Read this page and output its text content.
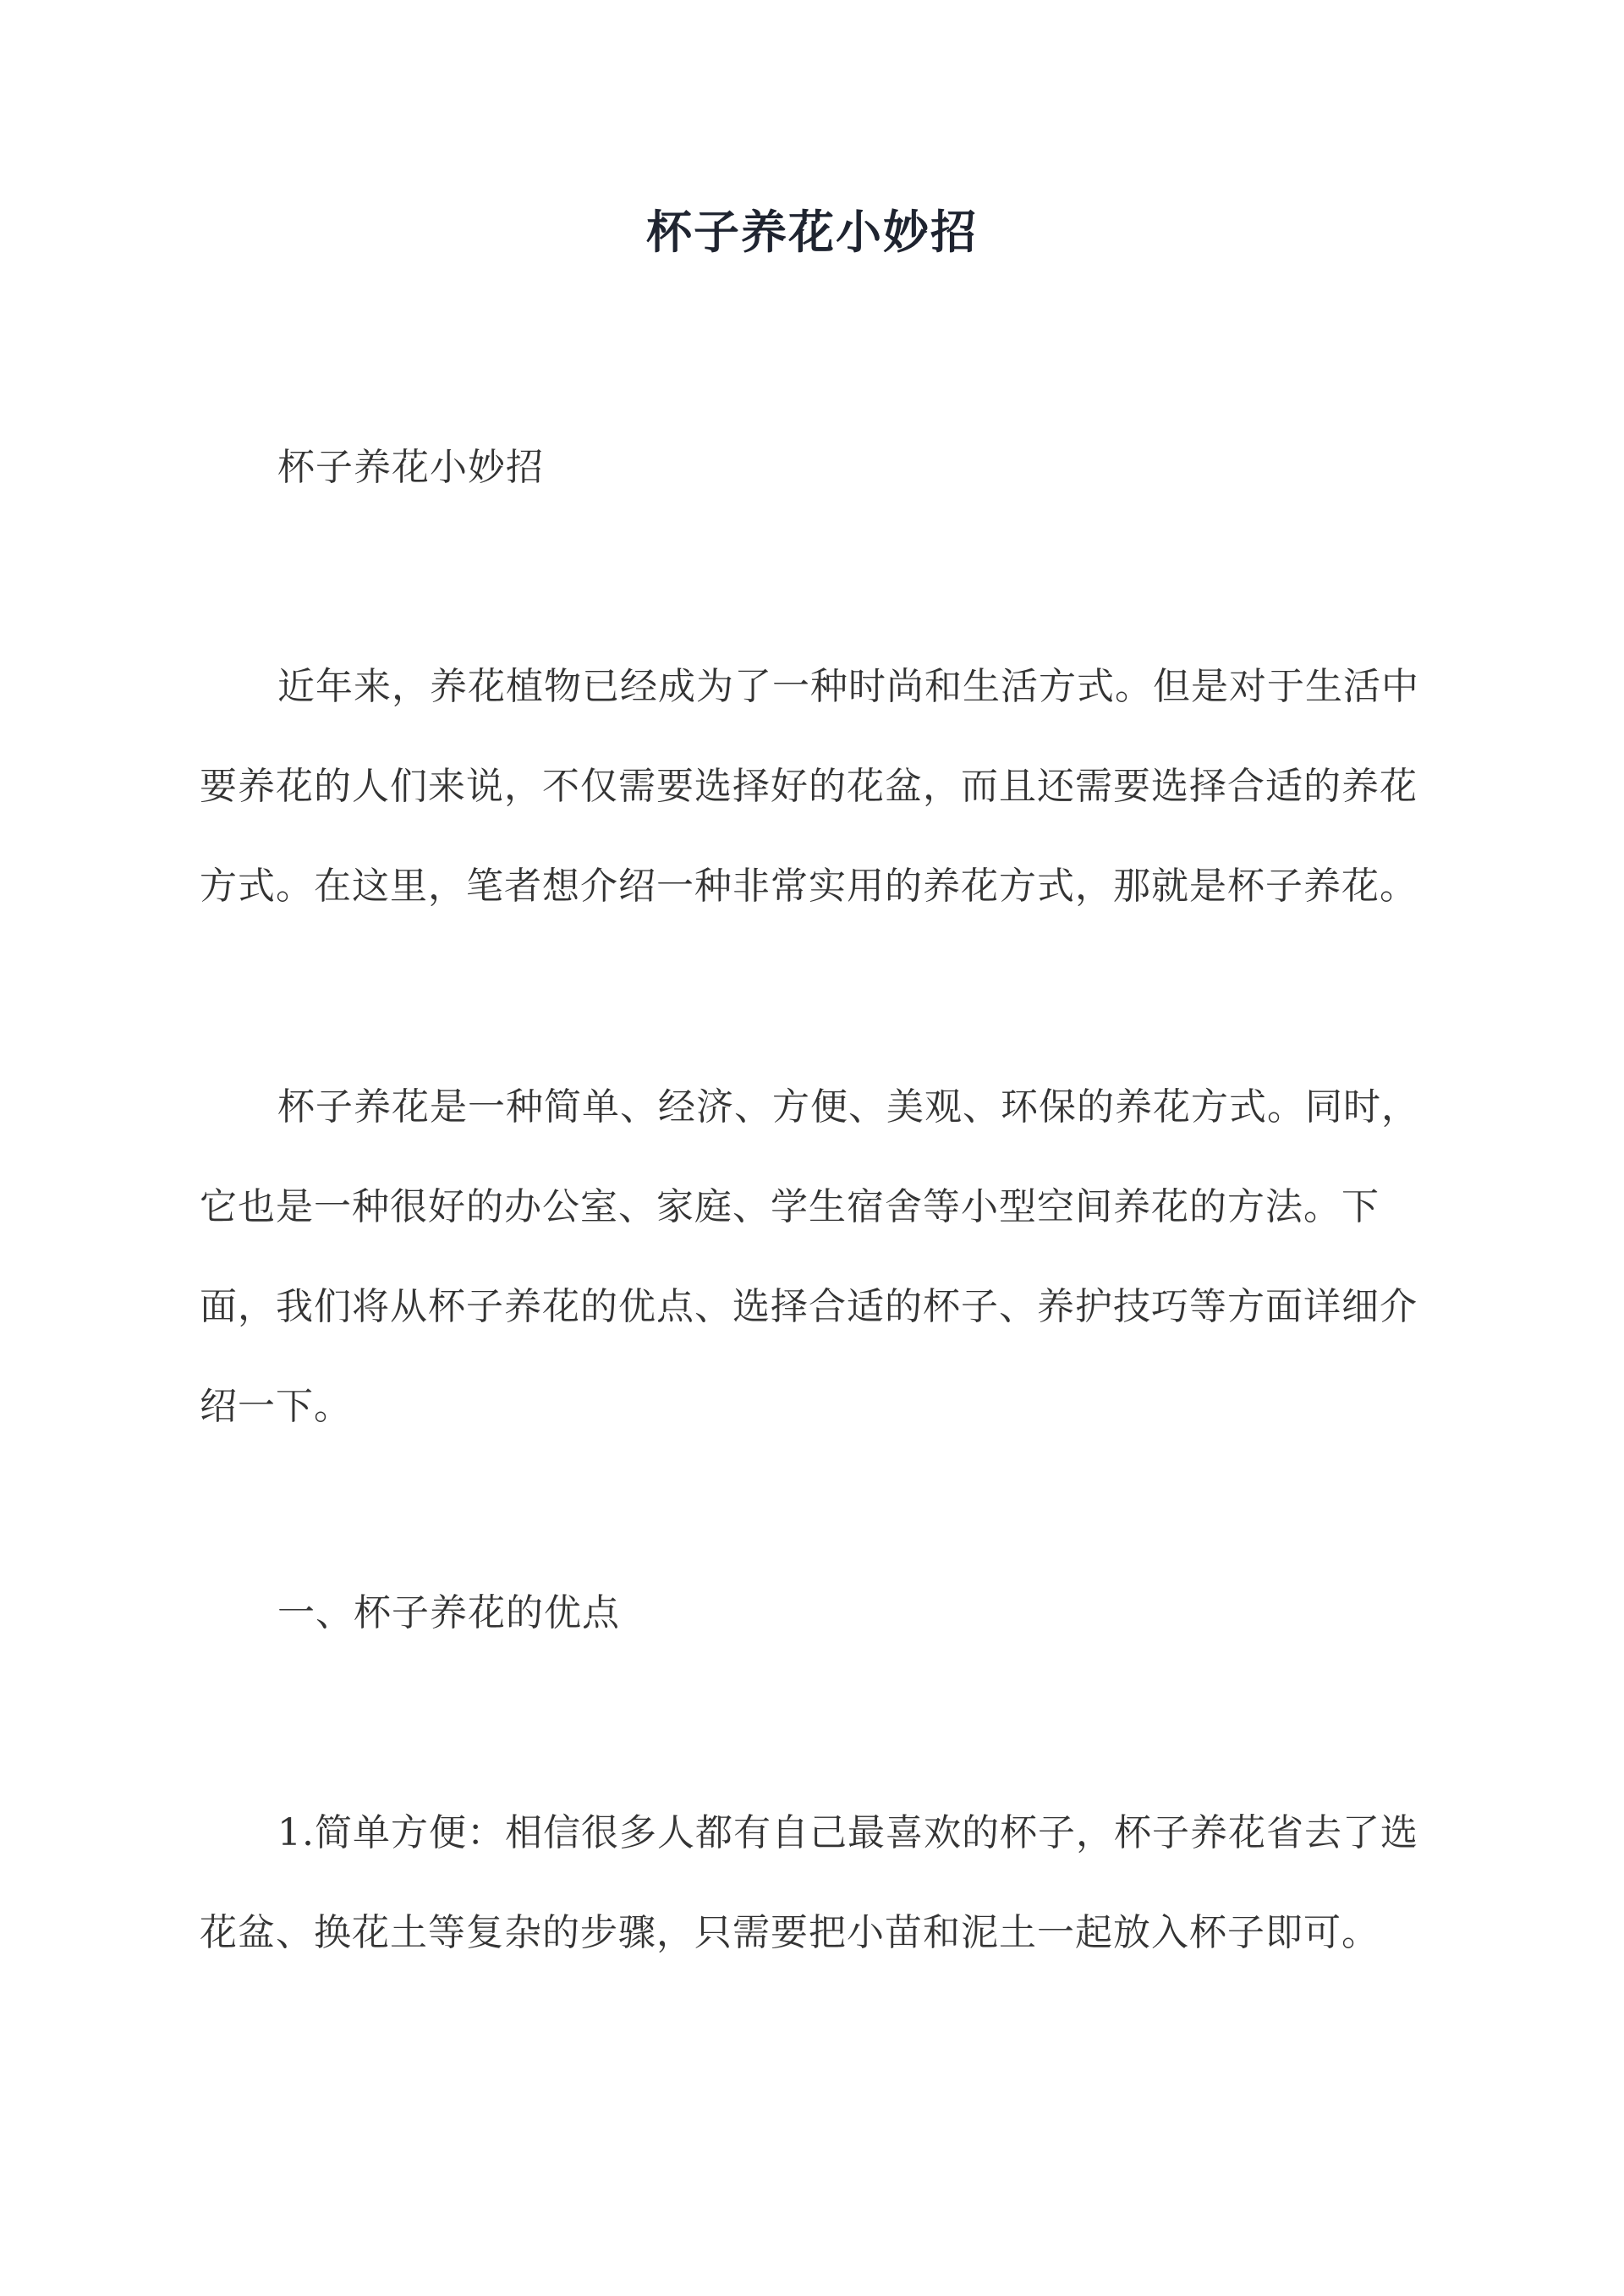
杯子养花小妙招

杯子养花小妙招

近年来，养花植物已经成为了一种时尚和生活方式。但是对于生活中要养花的人们来说，不仅需要选择好的花盆，而且还需要选择合适的养花方式。在这里，笔者想介绍一种非常实用的养花方式，那就是杯子养花。

杯子养花是一种简单、经济、方便、美观、环保的养花方式。同时，它也是一种很好的办公室、家庭、学生宿舍等小型空间养花的方法。下面，我们将从杯子养花的优点、选择合适的杯子、养护技巧等方面详细介绍一下。

一、杯子养花的优点

1.简单方便：相信很多人都有自己最喜欢的杯子，杯子养花省去了选花盆、换花土等复杂的步骤，只需要把小苗和泥土一起放入杯子即可。
